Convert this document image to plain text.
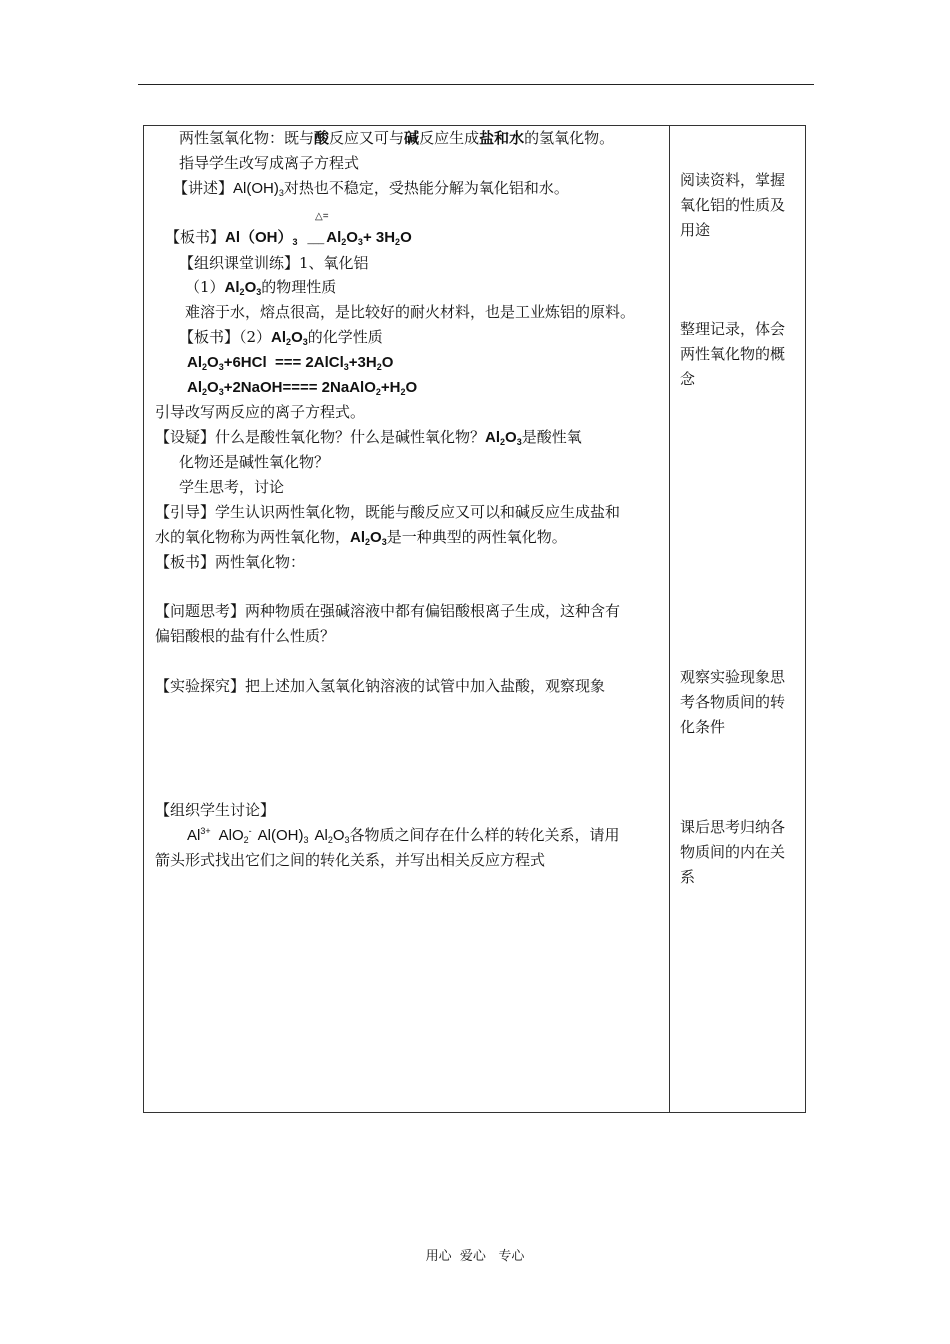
两性氢氧化物：既与酸反应又可与碱反应生成盐和水的氢氧化物。
指导学生改写成离子方程式
【讲述】$Al(OH)_3$对热也不稳定，受热能分解为氧化铝和水。
△=
【板书】$Al(OH)_3$ ___ $Al_2O_3+ 3H_2O$
【组织课堂训练】1、氧化铝
$(1)Al_2O_3$的物理性质
难溶于水，熔点很高，是比较好的耐火材料，也是工业炼铝的原料。
【板书】$(2)Al_2O_3$的化学性质
$Al_2O_3+6HCl$  === $2AlCl_3+3H_2O$
$Al_2O_3+2NaOH====$ $2NaAlO_2+H_2O$
引导改写两反应的离子方程式。
【设疑】什么是酸性氧化物？什么是碱性氧化物？$Al_2O_3$是酸性氧
化物还是碱性氧化物？
学生思考，讨论
【引导】学生认识两性氧化物，既能与酸反应又可以和碱反应生成盐和
水的氧化物称为两性氧化物，$Al_2O_3$是一种典型的两性氧化物。
【板书】两性氧化物：
【问题思考】两种物质在强碱溶液中都有偏铝酸根离子生成，这种含有
偏铝酸根的盐有什么性质？
【实验探究】把上述加入氢氧化钠溶液的试管中加入盐酸，观察现象
【组织学生讨论】
Al$^{3+}$ AlO$_2$- $Al(OH)_3$ $Al_2O_3$各物质之间存在什么样的转化关系，请用
箭头形式找出它们之间的转化关系，并写出相关反应方程式
阅读资料，掌握
氧化铝的性质及
用途
整理记录，体会
两性氧化物的概
念
观察实验现象思
考各物质间的转
化条件
课后思考归纳各
物质间的内在关
系
用心  爱心   专心
